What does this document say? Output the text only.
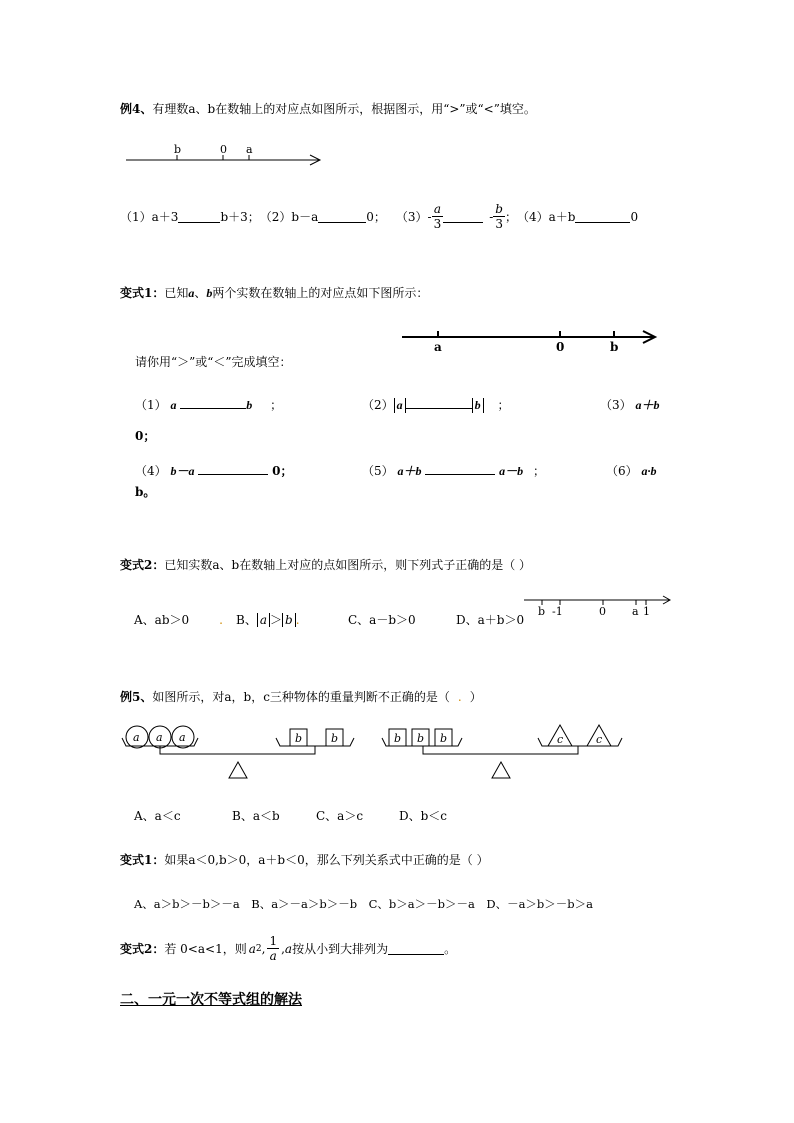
例4、有理数a、b在数轴上的对应点如图所示，根据图示，用“>”或“<”填空。
b	0 a
（1）a＋3	b＋3； （2）b－a	0； $(3) - \frac{a}{3}$	- $\frac{b}{3}$ ； （4）a＋b	0
变式1：已知a、b两个实数在数轴上的对应点如下图所示：
a	0	b
请你用“＞”或“＜”完成填空：
（1） a	b ；	（2） a	b ；	（3） a＋b
0；
（4） b－a	0；	（5） a＋b	a－b ；	（6） a·b
b。
变式2：已知实数a、b在数轴上对应的点如图所示，则下列式子正确的是（ ）
A、ab＞0	. B、 a ＞ b .	C、a－b＞0	D、a＋b＞0
b -1	0 a 1
例5、如图所示，对a，b，c三种物体的重量判断不正确的是（ . ）
a a a	b	b	b b b	c	c
A、a＜c	B、a＜b	C、a＞c	D、b＜c
变式1：如果a＜0,b＞0，a＋b＜0，那么下列关系式中正确的是（ ）
A、a＞b＞－b＞－a　B、a＞－a＞b＞－b　C、b＞a＞－b＞－a　D、－a＞b＞－b＞a
变式2： 若 0<a<1，则 a 2 , $\frac{1}{a}$ , a 按从小到大排列为	。
二、一元一次不等式组的解法
